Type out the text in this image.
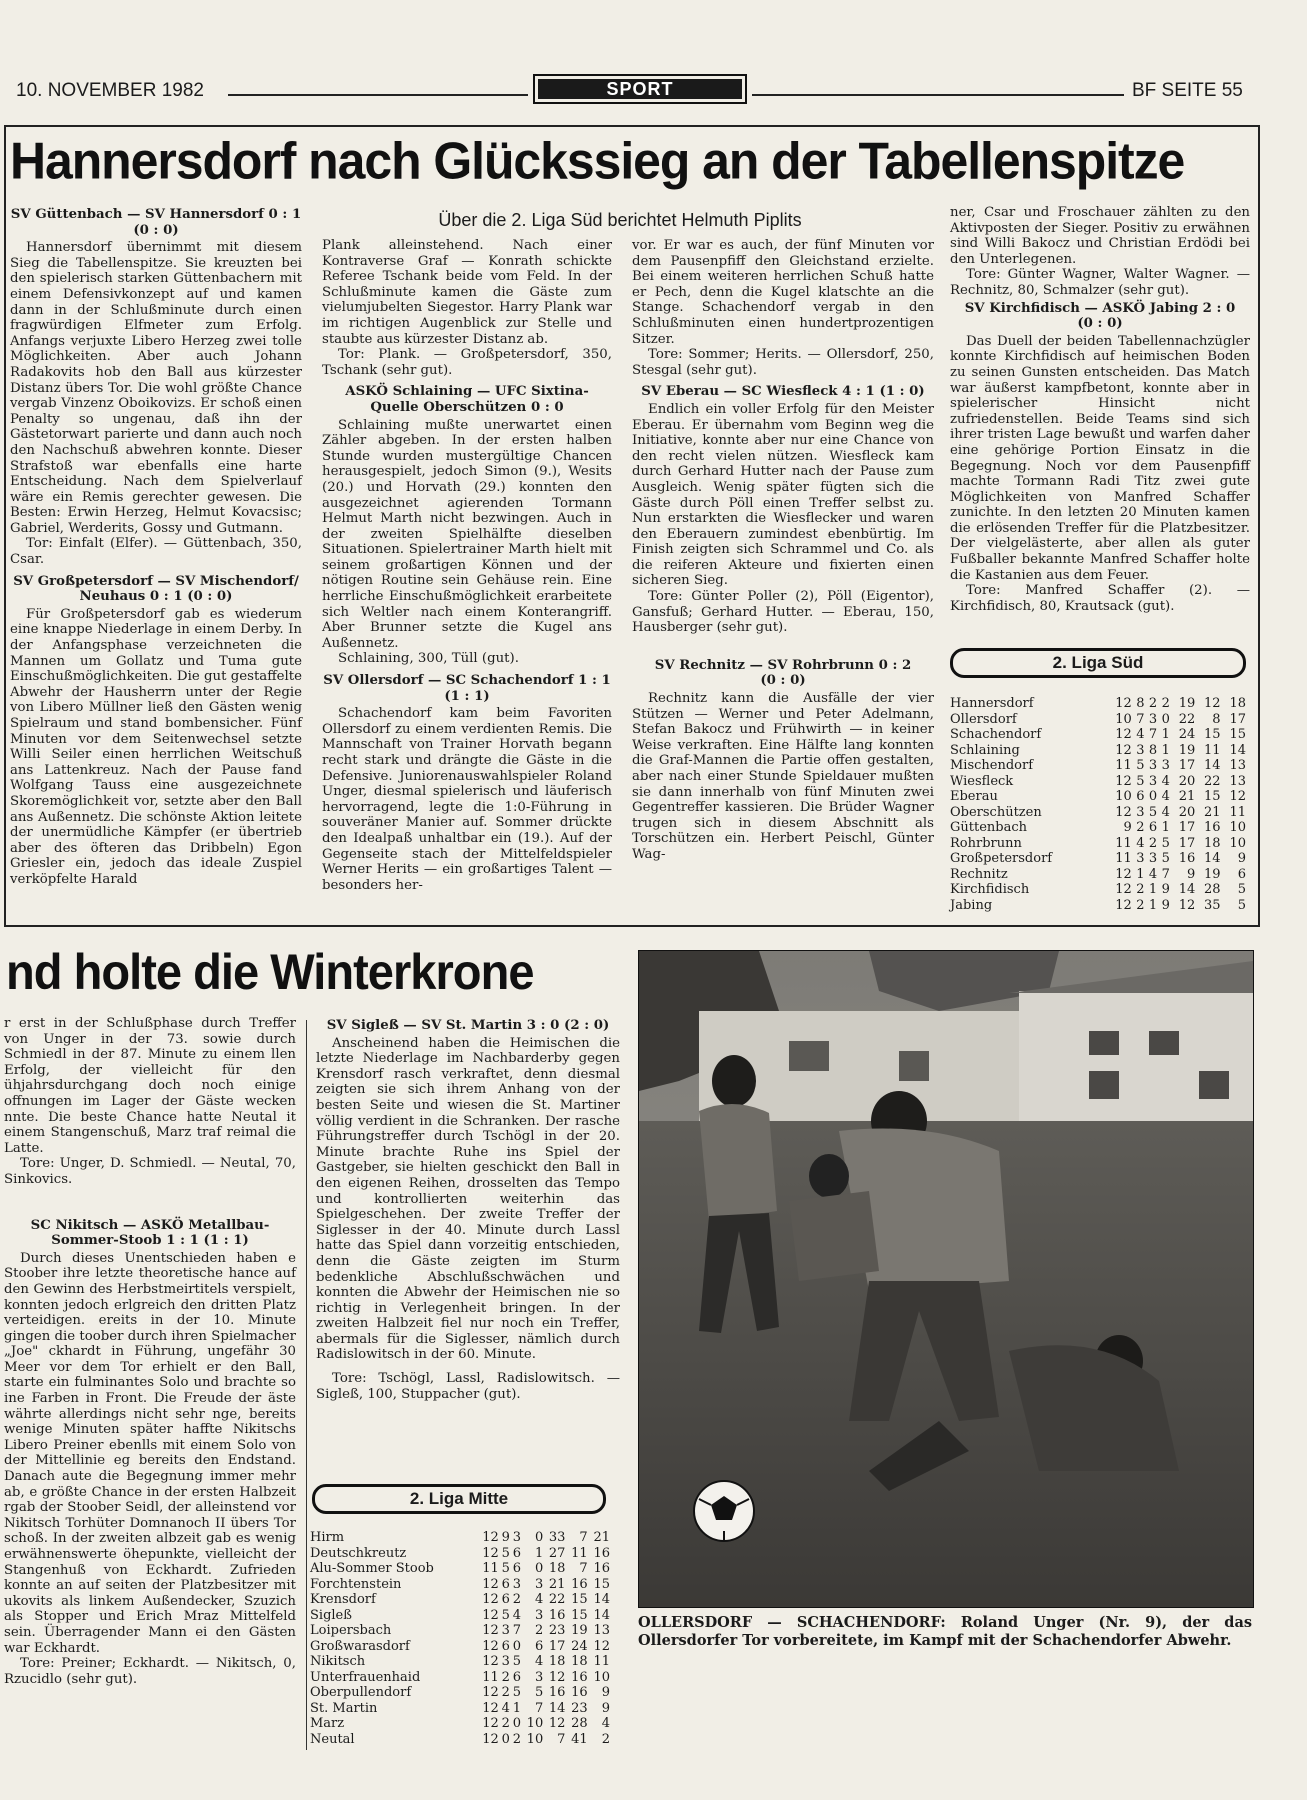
10. NOVEMBER 1982	SPORT	BF SEITE 55
Hannersdorf nach Glückssieg an der Tabellenspitze

SV Güttenbach — SV Hannersdorf 0 : 1

(0 : 0)

Hannersdorf übernimmt mit diesem Sieg die Tabellenspitze. Sie kreuzten bei den spielerisch starken Güttenbachern mit einem Defensivkonzept auf und kamen dann in der Schlußminute durch einen fragwürdigen Elfmeter zum Erfolg. Anfangs verjuxte Libero Herzeg zwei tolle Möglichkeiten. Aber auch Johann Radakovits hob den Ball aus kürzester Distanz übers Tor. Die wohl größte Chance vergab Vinzenz Oboikovizs. Er schoß einen Penalty so ungenau, daß ihn der Gästetorwart parierte und dann auch noch den Nachschuß abwehren konnte. Dieser Strafstoß war ebenfalls eine harte Entscheidung. Nach dem Spielverlauf wäre ein Remis gerechter gewesen. Die Besten: Erwin Herzeg, Helmut Kovacsisc; Gabriel, Werderits, Gossy und Gutmann.

Tor: Einfalt (Elfer). — Güttenbach, 350, Csar.

SV Großpetersdorf — SV Mischendorf/ Neuhaus 0 : 1 (0 : 0)

Für Großpetersdorf gab es wiederum eine knappe Niederlage in einem Derby. In der Anfangsphase verzeichneten die Mannen um Gollatz und Tuma gute Einschußmöglichkeiten. Die gut gestaffelte Abwehr der Hausherrn unter der Regie von Libero Müllner ließ den Gästen wenig Spielraum und stand bombensicher. Fünf Minuten vor dem Seitenwechsel setzte Willi Seiler einen herrlichen Weitschuß ans Lattenkreuz. Nach der Pause fand Wolfgang Tauss eine ausgezeichnete Skoremöglichkeit vor, setzte aber den Ball ans Außennetz. Die schönste Aktion leitete der unermüdliche Kämpfer (er übertrieb aber des öfteren das Dribbeln) Egon Griesler ein, jedoch das ideale Zuspiel verköpfelte Harald

Über die 2. Liga Süd berichtet Helmuth Piplits

Plank alleinstehend. Nach einer Kontraverse Graf — Konrath schickte Referee Tschank beide vom Feld. In der Schlußminute kamen die Gäste zum vielumjubelten Siegestor. Harry Plank war im richtigen Augenblick zur Stelle und staubte aus kürzester Distanz ab.

Tor: Plank. — Großpetersdorf, 350, Tschank (sehr gut).

ASKÖ Schlaining — UFC Sixtina-Quelle Oberschützen 0 : 0

Schlaining mußte unerwartet einen Zähler abgeben. In der ersten halben Stunde wurden mustergültige Chancen herausgespielt, jedoch Simon (9.), Wesits (20.) und Horvath (29.) konnten den ausgezeichnet agierenden Tormann Helmut Marth nicht bezwingen. Auch in der zweiten Spielhälfte dieselben Situationen. Spielertrainer Marth hielt mit seinem großartigen Können und der nötigen Routine sein Gehäuse rein. Eine herrliche Einschußmöglichkeit erarbeitete sich Weltler nach einem Konterangriff. Aber Brunner setzte die Kugel ans Außennetz.

Schlaining, 300, Tüll (gut).

SV Ollersdorf — SC Schachendorf 1 : 1

(1 : 1)

Schachendorf kam beim Favoriten Ollersdorf zu einem verdienten Remis. Die Mannschaft von Trainer Horvath begann recht stark und drängte die Gäste in die Defensive. Juniorenauswahlspieler Roland Unger, diesmal spielerisch und läuferisch hervorragend, legte die 1:0-Führung in souveräner Manier auf. Sommer drückte den Idealpaß unhaltbar ein (19.). Auf der Gegenseite stach der Mittelfeldspieler Werner Herits — ein großartiges Talent — besonders her-

vor. Er war es auch, der fünf Minuten vor dem Pausenpfiff den Gleichstand erzielte. Bei einem weiteren herrlichen Schuß hatte er Pech, denn die Kugel klatschte an die Stange. Schachendorf vergab in den Schlußminuten einen hundertprozentigen Sitzer.

Tore: Sommer; Herits. — Ollersdorf, 250, Stesgal (sehr gut).

SV Eberau — SC Wiesfleck 4 : 1 (1 : 0)

Endlich ein voller Erfolg für den Meister Eberau. Er übernahm vom Beginn weg die Initiative, konnte aber nur eine Chance von den recht vielen nützen. Wiesfleck kam durch Gerhard Hutter nach der Pause zum Ausgleich. Wenig später fügten sich die Gäste durch Pöll einen Treffer selbst zu. Nun erstarkten die Wiesflecker und waren den Eberauern zumindest ebenbürtig. Im Finish zeigten sich Schrammel und Co. als die reiferen Akteure und fixierten einen sicheren Sieg.

Tore: Günter Poller (2), Pöll (Eigentor), Gansfuß; Gerhard Hutter. — Eberau, 150, Hausberger (sehr gut).

SV Rechnitz — SV Rohrbrunn 0 : 2

(0 : 0)

Rechnitz kann die Ausfälle der vier Stützen — Werner und Peter Adelmann, Stefan Bakocz und Frühwirth — in keiner Weise verkraften. Eine Hälfte lang konnten die Graf-Mannen die Partie offen gestalten, aber nach einer Stunde Spieldauer mußten sie dann innerhalb von fünf Minuten zwei Gegentreffer kassieren. Die Brüder Wagner trugen sich in diesem Abschnitt als Torschützen ein. Herbert Peischl, Günter Wag-

ner, Csar und Froschauer zählten zu den Aktivposten der Sieger. Positiv zu erwähnen sind Willi Bakocz und Christian Erdödi bei den Unterlegenen.

Tore: Günter Wagner, Walter Wagner. — Rechnitz, 80, Schmalzer (sehr gut).

SV Kirchfidisch — ASKÖ Jabing 2 : 0

(0 : 0)

Das Duell der beiden Tabellennachzügler konnte Kirchfidisch auf heimischen Boden zu seinen Gunsten entscheiden. Das Match war äußerst kampfbetont, konnte aber in spielerischer Hinsicht nicht zufriedenstellen. Beide Teams sind sich ihrer tristen Lage bewußt und warfen daher eine gehörige Portion Einsatz in die Begegnung. Noch vor dem Pausenpfiff machte Tormann Radi Titz zwei gute Möglichkeiten von Manfred Schaffer zunichte. In den letzten 20 Minuten kamen die erlösenden Treffer für die Platzbesitzer. Der vielgelästerte, aber allen als guter Fußballer bekannte Manfred Schaffer holte die Kastanien aus dem Feuer.

Tore: Manfred Schaffer (2). — Kirchfidisch, 80, Krautsack (gut).

2. Liga Süd
Hannersdorf	12	8	2	2	19	12	18
Ollersdorf	10	7	3	0	22	8	17
Schachendorf	12	4	7	1	24	15	15
Schlaining	12	3	8	1	19	11	14
Mischendorf	11	5	3	3	17	14	13
Wiesfleck	12	5	3	4	20	22	13
Eberau	10	6	0	4	21	15	12
Oberschützen	12	3	5	4	20	21	11
Güttenbach	9	2	6	1	17	16	10
Rohrbrunn	11	4	2	5	17	18	10
Großpetersdorf	11	3	3	5	16	14	9
Rechnitz	12	1	4	7	9	19	6
Kirchfidisch	12	2	1	9	14	28	5
Jabing	12	2	1	9	12	35	5
nd holte die Winterkrone

r erst in der Schlußphase durch Treffer von Unger in der 73. sowie durch Schmiedl in der 87. Minute zu einem llen Erfolg, der vielleicht für den ühjahrsdurchgang doch noch einige offnungen im Lager der Gäste wecken nnte. Die beste Chance hatte Neutal it einem Stangenschuß, Marz traf reimal die Latte.

Tore: Unger, D. Schmiedl. — Neutal, 70, Sinkovics.

SC Nikitsch — ASKÖ Metallbau-Sommer-Stoob 1 : 1 (1 : 1)

Durch dieses Unentschieden haben e Stoober ihre letzte theoretische hance auf den Gewinn des Herbstmeirtitels verspielt, konnten jedoch erlgreich den dritten Platz verteidigen. ereits in der 10. Minute gingen die toober durch ihren Spielmacher „Joe" ckhardt in Führung, ungefähr 30 Meer vor dem Tor erhielt er den Ball, starte ein fulminantes Solo und brachte so ine Farben in Front. Die Freude der äste währte allerdings nicht sehr nge, bereits wenige Minuten später haffte Nikitschs Libero Preiner ebenlls mit einem Solo von der Mittellinie eg bereits den Endstand. Danach aute die Begegnung immer mehr ab, e größte Chance in der ersten Halbzeit rgab der Stoober Seidl, der alleinstend vor Nikitsch Torhüter Domnanoch II übers Tor schoß. In der zweiten albzeit gab es wenig erwähnenswerte öhepunkte, vielleicht der Stangenhuß von Eckhardt. Zufrieden konnte an auf seiten der Platzbesitzer mit ukovits als linkem Außendecker, Szuzich als Stopper und Erich Mraz Mittelfeld sein. Überragender Mann ei den Gästen war Eckhardt.

Tore: Preiner; Eckhardt. — Nikitsch, 0, Rzucidlo (sehr gut).

SV Sigleß — SV St. Martin 3 : 0 (2 : 0)

Anscheinend haben die Heimischen die letzte Niederlage im Nachbarderby gegen Krensdorf rasch verkraftet, denn diesmal zeigten sie sich ihrem Anhang von der besten Seite und wiesen die St. Martiner völlig verdient in die Schranken. Der rasche Führungstreffer durch Tschögl in der 20. Minute brachte Ruhe ins Spiel der Gastgeber, sie hielten geschickt den Ball in den eigenen Reihen, drosselten das Tempo und kontrollierten weiterhin das Spielgeschehen. Der zweite Treffer der Siglesser in der 40. Minute durch Lassl hatte das Spiel dann vorzeitig entschieden, denn die Gäste zeigten im Sturm bedenkliche Abschlußschwächen und konnten die Abwehr der Heimischen nie so richtig in Verlegenheit bringen. In der zweiten Halbzeit fiel nur noch ein Treffer, abermals für die Siglesser, nämlich durch Radislowitsch in der 60. Minute.

Tore: Tschögl, Lassl, Radislowitsch. — Sigleß, 100, Stuppacher (gut).

2. Liga Mitte
Hirm	12	9	3	0	33	7	21
Deutschkreutz	12	5	6	1	27	11	16
Alu-Sommer Stoob	11	5	6	0	18	7	16
Forchtenstein	12	6	3	3	21	16	15
Krensdorf	12	6	2	4	22	15	14
Sigleß	12	5	4	3	16	15	14
Loipersbach	12	3	7	2	23	19	13
Großwarasdorf	12	6	0	6	17	24	12
Nikitsch	12	3	5	4	18	18	11
Unterfrauenhaid	11	2	6	3	12	16	10
Oberpullendorf	12	2	5	5	16	16	9
St. Martin	12	4	1	7	14	23	9
Marz	12	2	0	10	12	28	4
Neutal	12	0	2	10	7	41	2
OLLERSDORF — SCHACHENDORF: Roland Unger (Nr. 9), der das Ollersdorfer Tor vorbereitete, im Kampf mit der Schachendorfer Abwehr.
